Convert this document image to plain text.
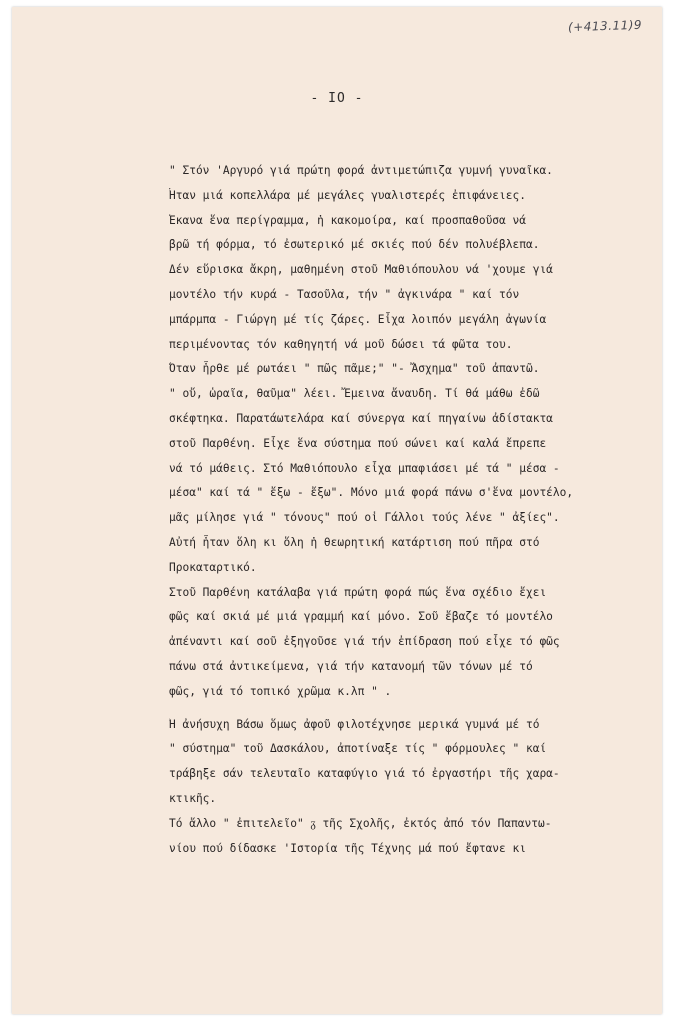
(+413.11)9
- IO -
" Στόν 'Αργυρό γιά πρώτη φορά ἀντιμετώπιζα γυμνή γυναῖκα.
Ἦταν μιά κοπελλάρα μέ μεγάλες γυαλιστερές ἐπιφάνειες.
Ἔκανα ἕνα περίγραμμα, ἡ κακομοίρα, καί προσπαθοῦσα νά
βρῶ τή φόρμα, τό ἐσωτερικό μέ σκιές πού δέν πολυέβλεπα.
Δέν εὕρισκα ἄκρη, μαθημένη στοῦ Μαθιόπουλου νά 'χουμε γιά
μοντέλο τήν κυρά - Τασοῦλα, τήν " ἀγκινάρα " καί τόν
μπάρμπα - Γιώργη μέ τίς ζάρες. Εἶχα λοιπόν μεγάλη ἀγωνία
περιμένοντας τόν καθηγητή νά μοῦ δώσει τά φῶτα του.
Ὅταν ἦρθε μέ ρωτάει " πῶς πᾶμε;" "- Ἄσχημα" τοῦ ἀπαντῶ.
" οὔ, ὡραῖα, θαῦμα" λέει. Ἔμεινα ἄναυδη. Τί θά μάθω ἐδῶ
σκέφτηκα. Παρατάωτελάρα καί σύνεργα καί πηγαίνω ἀδίστακτα
στοῦ Παρθένη. Εἶχε ἕνα σύστημα πού σώνει καί καλά ἔπρεπε
νά τό μάθεις. Στό Μαθιόπουλο εἶχα μπαφιάσει μέ τά " μέσα -
μέσα" καί τά " ἔξω - ἔξω". Μόνο μιά φορά πάνω σ'ἕνα μοντέλο,
μᾶς μίλησε γιά " τόνους" πού οἱ Γάλλοι τούς λένε " ἀξίες".
Αὐτή ἦταν ὅλη κι ὅλη ἡ θεωρητική κατάρτιση πού πῆρα στό
Προκαταρτικό.
Στοῦ Παρθένη κατάλαβα γιά πρώτη φορά πώς ἕνα σχέδιο ἔχει
φῶς καί σκιά μέ μιά γραμμή καί μόνο. Σοῦ ἔβαζε τό μοντέλο
ἀπέναντι καί σοῦ ἐξηγοῦσε γιά τήν ἐπίδραση πού εἶχε τό φῶς
πάνω στά ἀντικείμενα, γιά τήν κατανομή τῶν τόνων μέ τό
φῶς, γιά τό τοπικό χρῶμα κ.λπ " .
Ἡ ἀνήσυχη Βάσω ὅμως ἀφοῦ φιλοτέχνησε μερικά γυμνά μέ τό
" σύστημα" τοῦ Δασκάλου, ἀποτίναξε τίς " φόρμουλες " καί
τράβηξε σάν τελευταῖο καταφύγιο γιά τό ἐργαστήρι τῆς χαρα-
κτικῆς.
Τό ἄλλο " ἐπιτελεῖο" ᵹ τῆς Σχολῆς, ἐκτός ἀπό τόν Παπαντω-
νίου πού δίδασκε 'Ιστορία τῆς Τέχνης μά πού ἔφτανε κι
